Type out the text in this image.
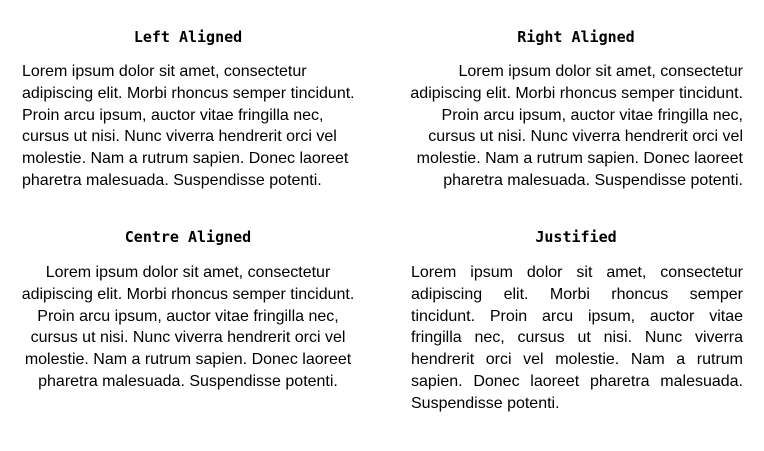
Left Aligned

Lorem ipsum dolor sit amet, consectetur adipiscing elit. Morbi rhoncus semper tincidunt. Proin arcu ipsum, auctor vitae fringilla nec, cursus ut nisi. Nunc viverra hendrerit orci vel molestie. Nam a rutrum sapien. Donec laoreet pharetra malesuada. Suspendisse potenti.

Right Aligned

Lorem ipsum dolor sit amet, consectetur adipiscing elit. Morbi rhoncus semper tincidunt. Proin arcu ipsum, auctor vitae fringilla nec, cursus ut nisi. Nunc viverra hendrerit orci vel molestie. Nam a rutrum sapien. Donec laoreet pharetra malesuada. Suspendisse potenti.

Centre Aligned

Lorem ipsum dolor sit amet, consectetur adipiscing elit. Morbi rhoncus semper tincidunt. Proin arcu ipsum, auctor vitae fringilla nec, cursus ut nisi. Nunc viverra hendrerit orci vel molestie. Nam a rutrum sapien. Donec laoreet pharetra malesuada. Suspendisse potenti.

Justified

Lorem ipsum dolor sit amet, consectetur adipiscing elit. Morbi rhoncus semper tincidunt. Proin arcu ipsum, auctor vitae fringilla nec, cursus ut nisi. Nunc viverra hendrerit orci vel molestie. Nam a rutrum sapien. Donec laoreet pharetra malesuada. Suspendisse potenti.
